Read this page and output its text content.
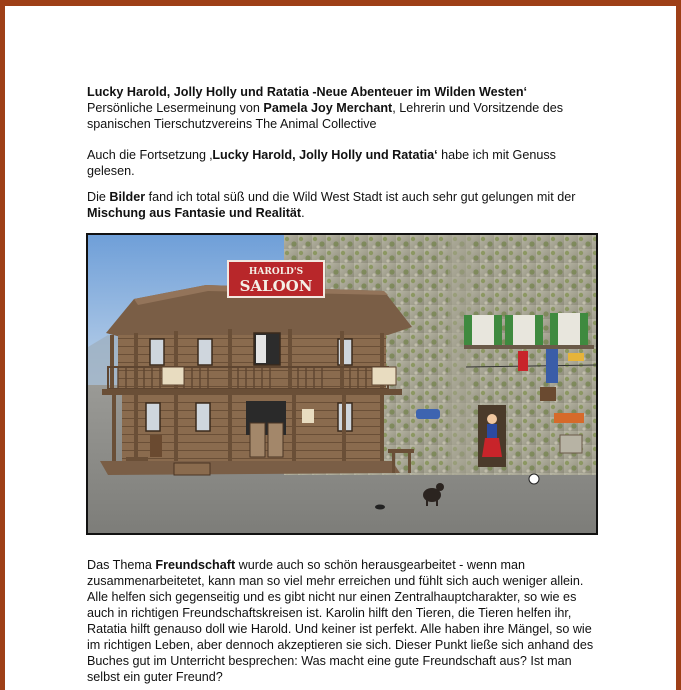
Lucky Harold, Jolly Holly und Ratatia -Neue Abenteuer im Wilden Westen‘
Persönliche Lesermeinung von Pamela Joy Merchant, Lehrerin und Vorsitzende des spanischen Tierschutzvereins The Animal Collective

Auch die Fortsetzung ‚Lucky Harold, Jolly Holly und Ratatia‘ habe ich mit Genuss gelesen.

Die Bilder fand ich total süß und die Wild West Stadt ist auch sehr gut gelungen mit der Mischung aus Fantasie und Realität.

HAROLD'S
SALOON

Das Thema Freundschaft wurde auch so schön herausgearbeitet - wenn man zusammenarbeitetet, kann man so viel mehr erreichen und fühlt sich auch weniger allein. Alle helfen sich gegenseitig und es gibt nicht nur einen Zentralhauptcharakter, so wie es auch in richtigen Freundschaftskreisen ist. Karolin hilft den Tieren, die Tieren helfen ihr, Ratatia hilft genauso doll wie Harold. Und keiner ist perfekt. Alle haben ihre Mängel, so wie im richtigen Leben, aber dennoch akzeptieren sie sich. Dieser Punkt ließe sich anhand des Buches gut im Unterricht besprechen: Was macht eine gute Freundschaft aus? Ist man selbst ein guter Freund?
